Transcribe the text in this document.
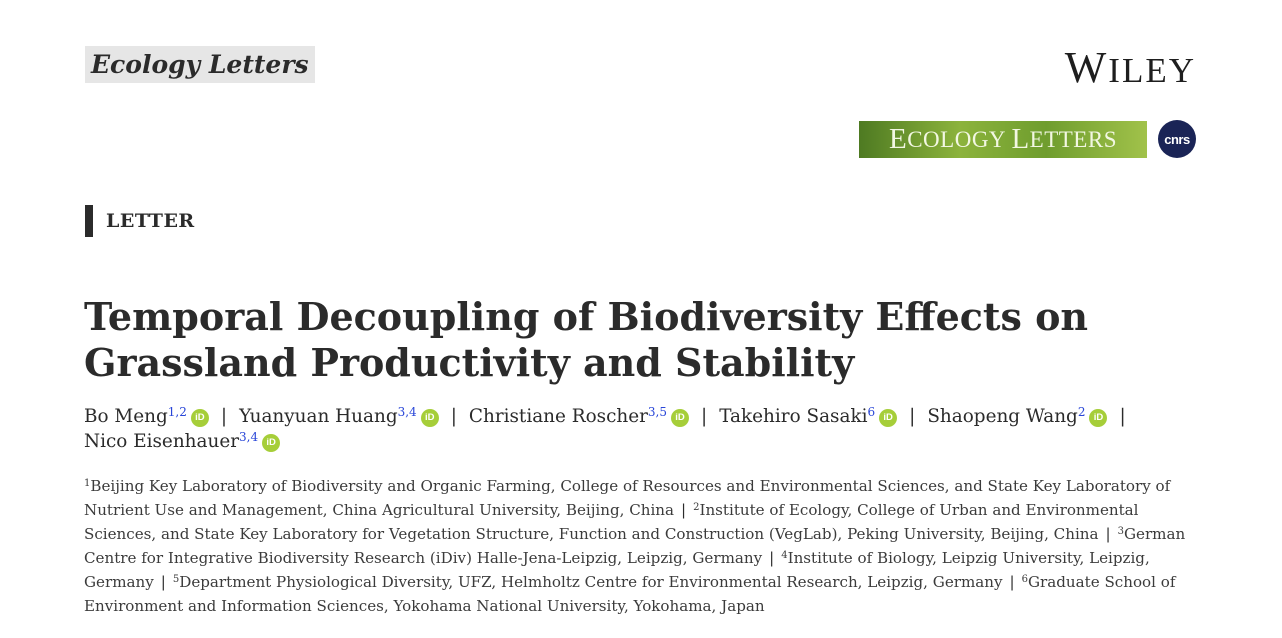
Ecology Letters	WILEY
E COLOGY L ETTERS	cnrs
LETTER
Temporal Decoupling of Biodiversity Effects on Grassland Productivity and Stability
Bo Meng$^{1,2}$ iD | Yuanyuan Huang$^{3,4}$ iD | Christiane Roscher$^{3,5}$ iD | Takehiro Sasaki$^6$ iD | Shaopeng Wang$^2$ iD |
Nico Eisenhauer$^{3,4}$ iD
$^1$Beijing Key Laboratory of Biodiversity and Organic Farming, College of Resources and Environmental Sciences, and State Key Laboratory of Nutrient Use and Management, China Agricultural University, Beijing, China | $^2$Institute of Ecology, College of Urban and Environmental Sciences, and State Key Laboratory for Vegetation Structure, Function and Construction (VegLab), Peking University, Beijing, China | $^3$German Centre for Integrative Biodiversity Research (iDiv) Halle-Jena-Leipzig, Leipzig, Germany | $^4$Institute of Biology, Leipzig University, Leipzig, Germany | $^5$Department Physiological Diversity, UFZ, Helmholtz Centre for Environmental Research, Leipzig, Germany | $^6$Graduate School of Environment and Information Sciences, Yokohama National University, Yokohama, Japan
